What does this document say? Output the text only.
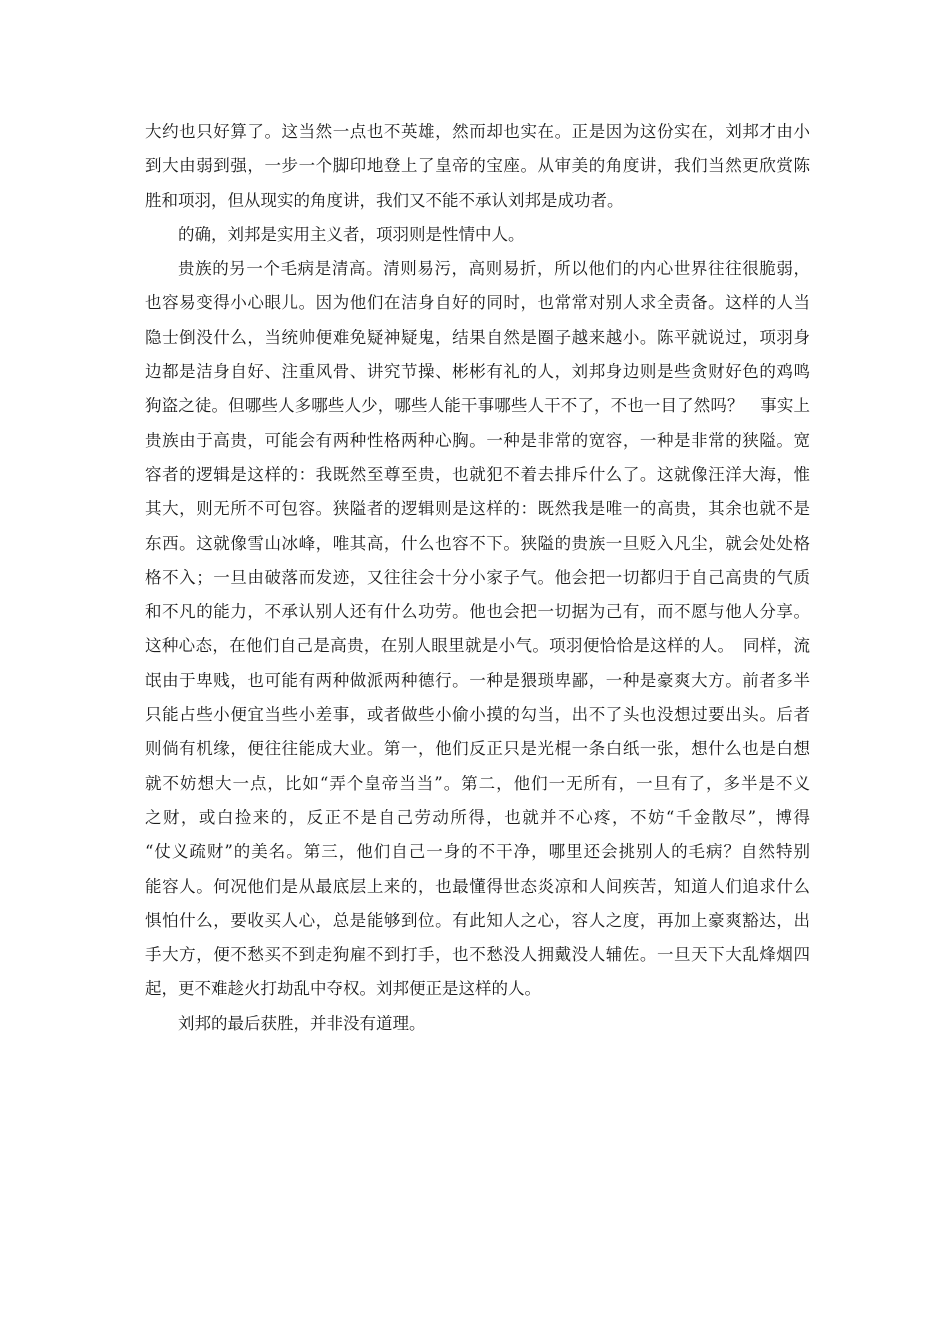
大约也只好算了。这当然一点也不英雄，然而却也实在。正是因为这份实在，刘邦才由小
到大由弱到强，一步一个脚印地登上了皇帝的宝座。从审美的角度讲，我们当然更欣赏陈
胜和项羽，但从现实的角度讲，我们又不能不承认刘邦是成功者。
的确，刘邦是实用主义者，项羽则是性情中人。
贵族的另一个毛病是清高。清则易污，高则易折，所以他们的内心世界往往很脆弱，
也容易变得小心眼儿。因为他们在洁身自好的同时，也常常对别人求全责备。这样的人当
隐士倒没什么，当统帅便难免疑神疑鬼，结果自然是圈子越来越小。陈平就说过，项羽身
边都是洁身自好、注重风骨、讲究节操、彬彬有礼的人，刘邦身边则是些贪财好色的鸡鸣
狗盗之徒。但哪些人多哪些人少，哪些人能干事哪些人干不了，不也一目了然吗？　事实上
贵族由于高贵，可能会有两种性格两种心胸。一种是非常的宽容，一种是非常的狭隘。宽
容者的逻辑是这样的：我既然至尊至贵，也就犯不着去排斥什么了。这就像汪洋大海，惟
其大，则无所不可包容。狭隘者的逻辑则是这样的：既然我是唯一的高贵，其余也就不是
东西。这就像雪山冰峰，唯其高，什么也容不下。狭隘的贵族一旦贬入凡尘，就会处处格
格不入；一旦由破落而发迹，又往往会十分小家子气。他会把一切都归于自己高贵的气质
和不凡的能力，不承认别人还有什么功劳。他也会把一切据为己有，而不愿与他人分享。
这种心态，在他们自己是高贵，在别人眼里就是小气。项羽便恰恰是这样的人。　同样，流
氓由于卑贱，也可能有两种做派两种德行。一种是猥琐卑鄙，一种是豪爽大方。前者多半
只能占些小便宜当些小差事，或者做些小偷小摸的勾当，出不了头也没想过要出头。后者
则倘有机缘，便往往能成大业。第一，他们反正只是光棍一条白纸一张，想什么也是白想
就不妨想大一点，比如“弄个皇帝当当”。第二，他们一无所有，一旦有了，多半是不义
之财，或白捡来的，反正不是自己劳动所得，也就并不心疼，不妨“千金散尽”，博得
“仗义疏财”的美名。第三，他们自己一身的不干净，哪里还会挑别人的毛病？自然特别
能容人。何况他们是从最底层上来的，也最懂得世态炎凉和人间疾苦，知道人们追求什么
惧怕什么，要收买人心，总是能够到位。有此知人之心，容人之度，再加上豪爽豁达，出
手大方，便不愁买不到走狗雇不到打手，也不愁没人拥戴没人辅佐。一旦天下大乱烽烟四
起，更不难趁火打劫乱中夺权。刘邦便正是这样的人。
刘邦的最后获胜，并非没有道理。
